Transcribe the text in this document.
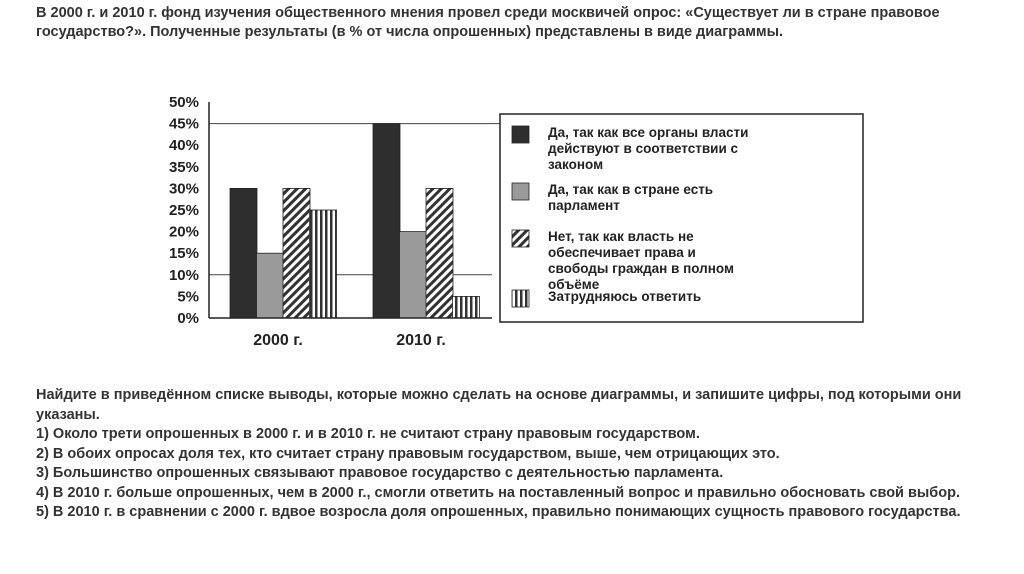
В 2000 г. и 2010 г. фонд изучения общественного мнения провел среди москвичей опрос: «Существует ли в стране правовое государство?». Полученные результаты (в % от числа опрошенных) представлены в виде диаграммы.
0%
5%
10%
15%
20%
25%
30%
35%
40%
45%
50%
2000 г.	2010 г.
Да, так как все органы власти действуют в соответствии с законом
Да, так как в стране есть парламент
Нет, так как власть не обеспечивает права и свободы граждан в полном объёме
Затрудняюсь ответить

Найдите в приведённом списке выводы, которые можно сделать на основе диаграммы, и запишите цифры, под которыми они указаны.

1) Около трети опрошенных в 2000 г. и в 2010 г. не считают страну правовым государством.

2) В обоих опросах доля тех, кто считает страну правовым государством, выше, чем отрицающих это.

3) Большинство опрошенных связывают правовое государство с деятельностью парламента.

4) В 2010 г. больше опрошенных, чем в 2000 г., смогли ответить на поставленный вопрос и правильно обосновать свой выбор.

5) В 2010 г. в сравнении с 2000 г. вдвое возросла доля опрошенных, правильно понимающих сущность правового государства.
